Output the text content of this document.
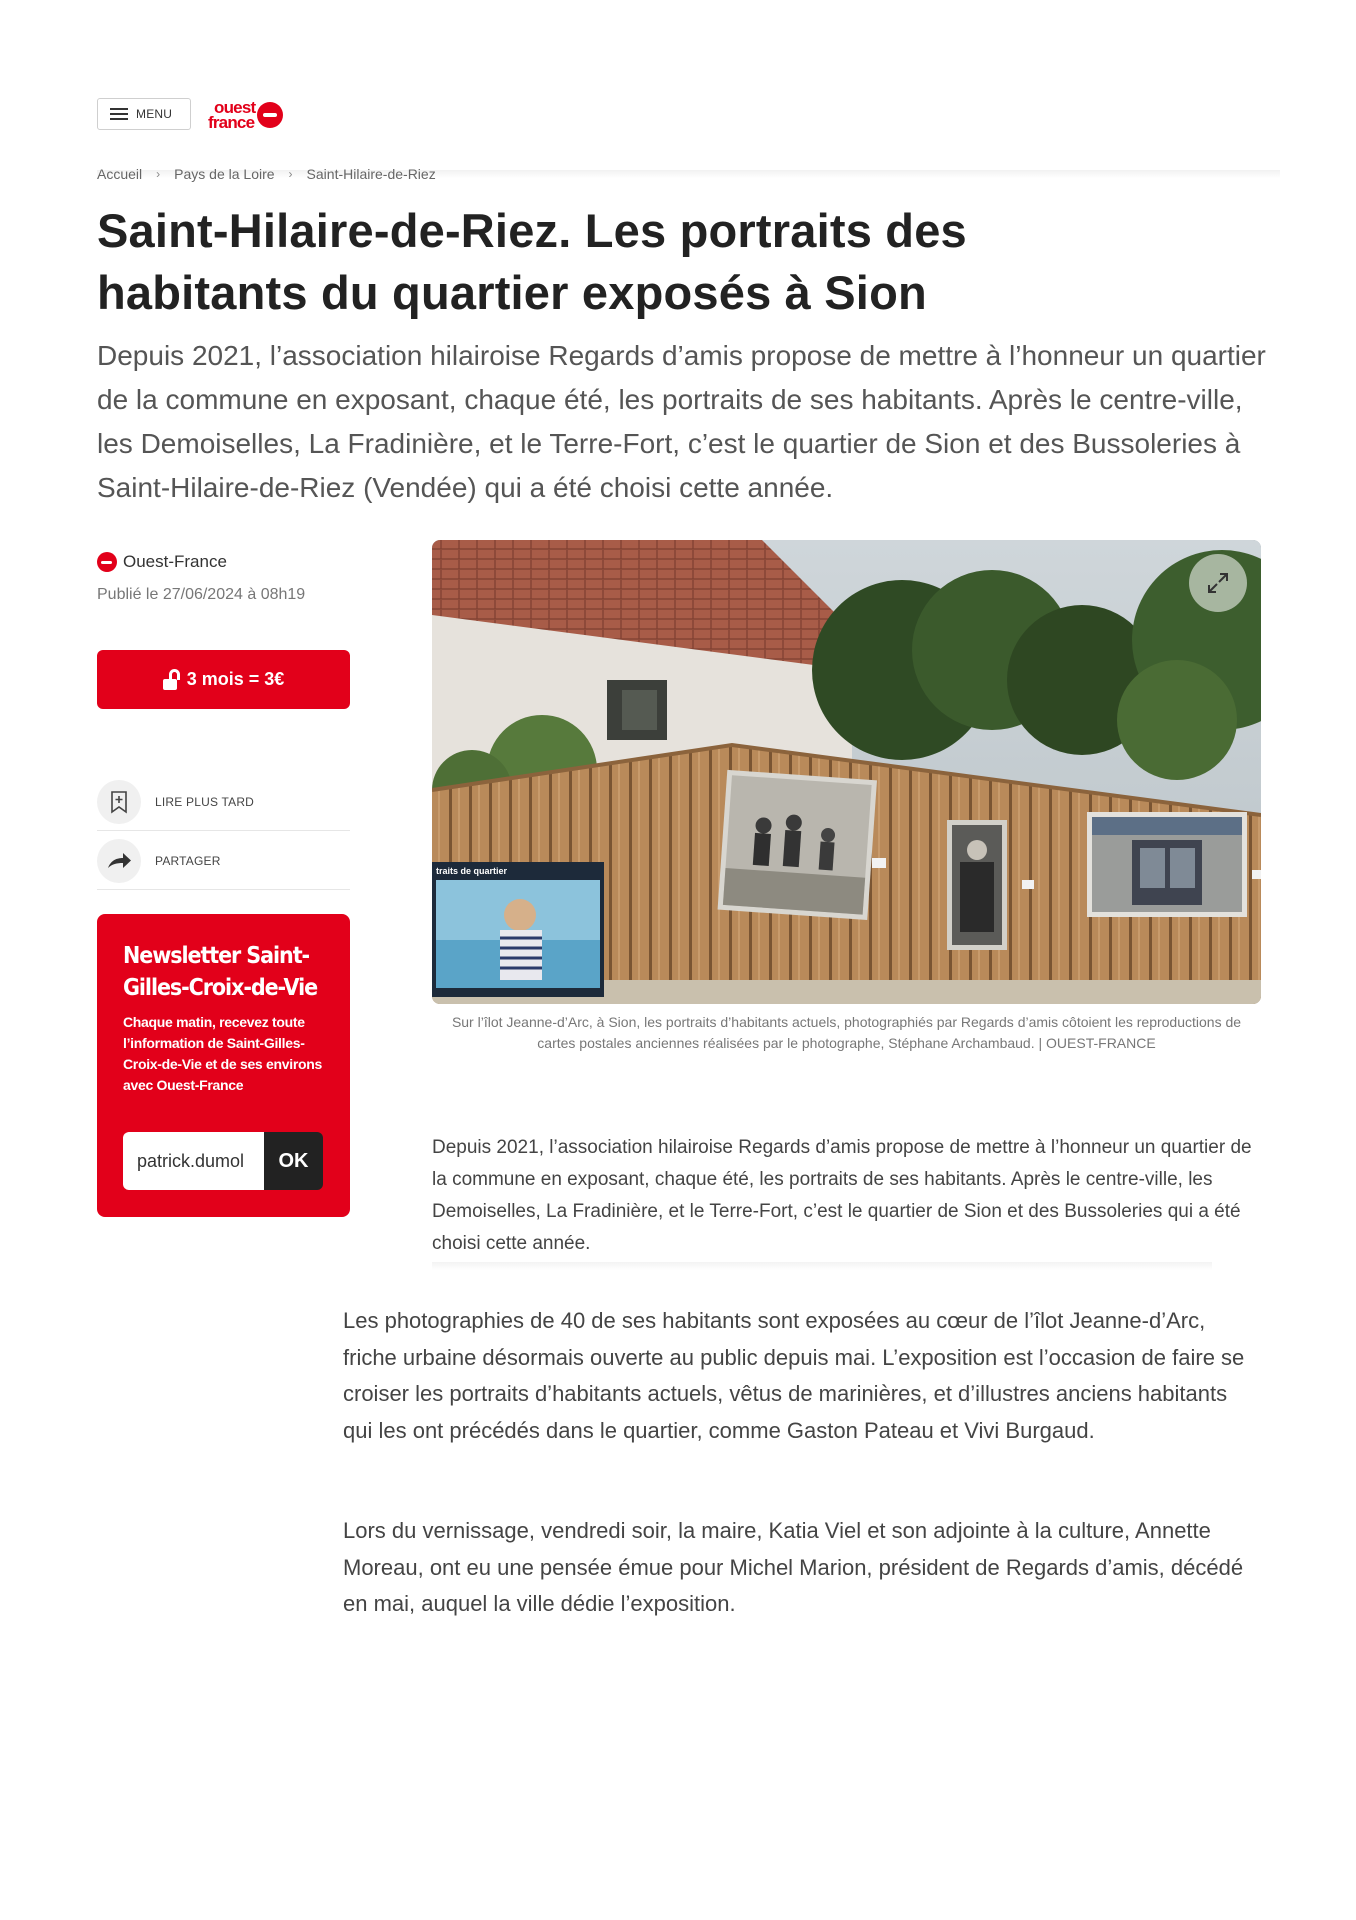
MENU	ouest
france
Accueil › Pays de la Loire › Saint-Hilaire-de-Riez
Saint-Hilaire-de-Riez. Les portraits des habitants du quartier exposés à Sion

Depuis 2021, l’association hilairoise Regards d’amis propose de mettre à l’honneur un quartier de la commune en exposant, chaque été, les portraits de ses habitants. Après le centre-ville, les Demoiselles, La Fradinière, et le Terre-Fort, c’est le quartier de Sion et des Bussoleries à Saint-Hilaire-de-Riez (Vendée) qui a été choisi cette année.

Ouest-France
Publié le 27/06/2024 à 08h19
3 mois = 3€
LIRE PLUS TARD
PARTAGER
Newsletter Saint-Gilles-Croix-de-Vie
Chaque matin, recevez toute l’information de Saint-Gilles-Croix-de-Vie et de ses environs avec Ouest-France
patrick.dumol
OK
traits de quartier
Sur l’îlot Jeanne-d’Arc, à Sion, les portraits d’habitants actuels, photographiés par Regards d’amis côtoient les reproductions de cartes postales anciennes réalisées par le photographe, Stéphane Archambaud. | OUEST-FRANCE

Depuis 2021, l’association hilairoise Regards d’amis propose de mettre à l’honneur un quartier de la commune en exposant, chaque été, les portraits de ses habitants. Après le centre-ville, les Demoiselles, La Fradinière, et le Terre-Fort, c’est le quartier de Sion et des Bussoleries qui a été choisi cette année.

Les photographies de 40 de ses habitants sont exposées au cœur de l’îlot Jeanne-d’Arc, friche urbaine désormais ouverte au public depuis mai. L’exposition est l’occasion de faire se croiser les portraits d’habitants actuels, vêtus de marinières, et d’illustres anciens habitants qui les ont précédés dans le quartier, comme Gaston Pateau et Vivi Burgaud.

Lors du vernissage, vendredi soir, la maire, Katia Viel et son adjointe à la culture, Annette Moreau, ont eu une pensée émue pour Michel Marion, président de Regards d’amis, décédé en mai, auquel la ville dédie l’exposition.
